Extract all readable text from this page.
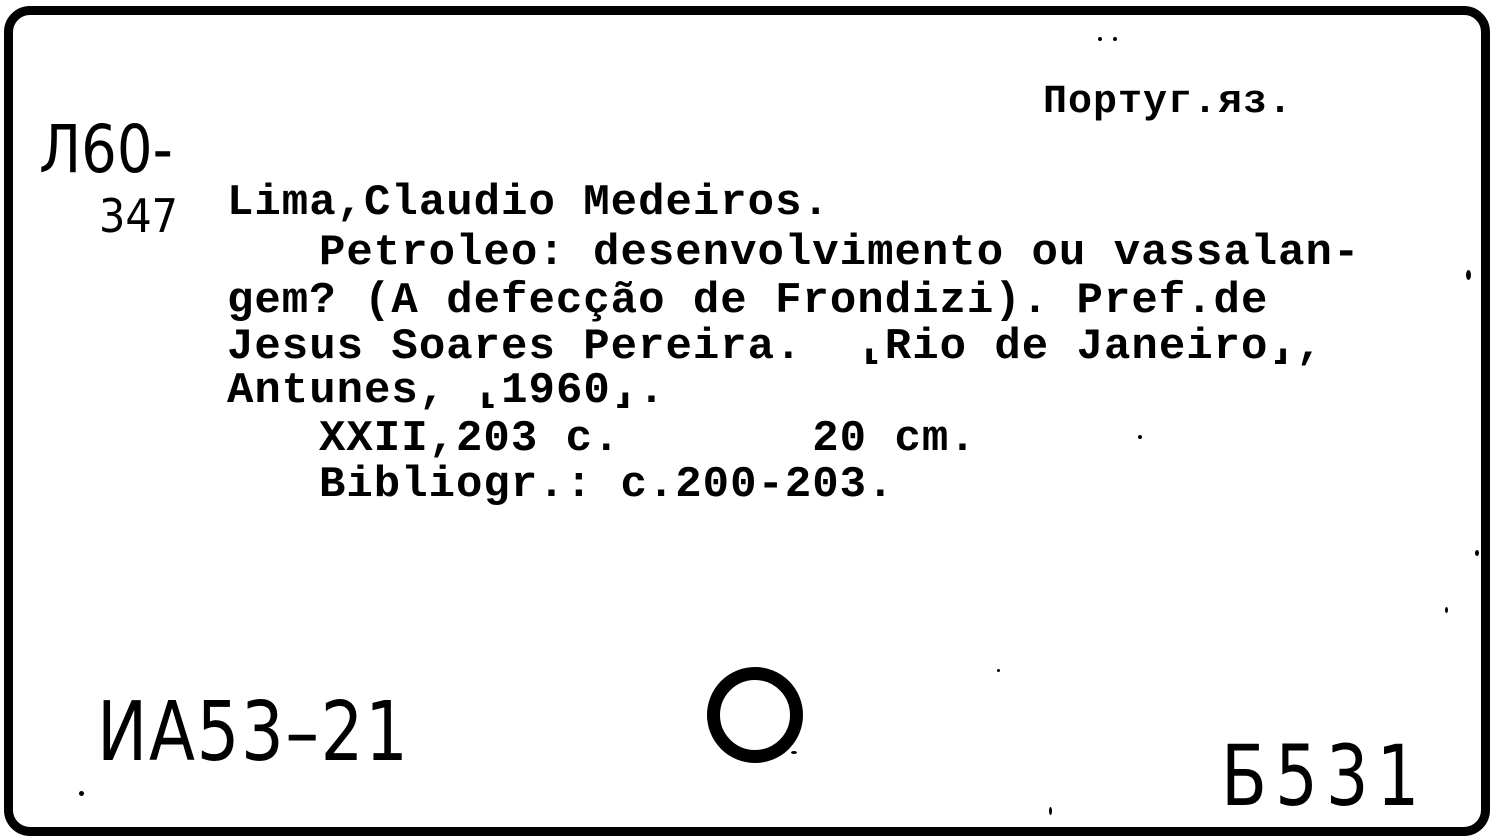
Португ.яз.
Л60-
347 Lima,Claudio Medeiros.
Petroleo: desenvolvimento ou vassalan-
gem? (A defecção de Frondizi). Pref.de
Jesus Soares Pereira.  ⸤Rio de Janeiro⸥,
Antunes, ⸤1960⸥.
XXII,203 c.       20 cm.
Bibliogr.: c.200-203.
ИА53–21	Б531
